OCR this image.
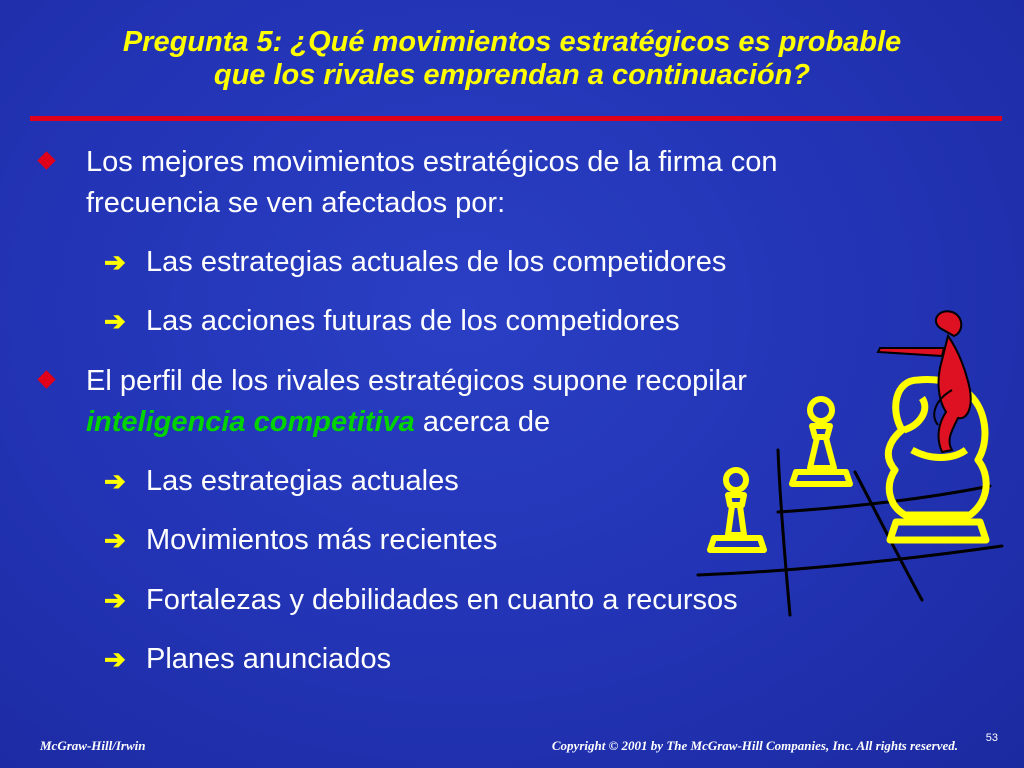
Pregunta 5: ¿Qué movimientos estratégicos es probable
que los rivales emprendan a continuación?
Los mejores movimientos estratégicos de la firma con
frecuencia se ven afectados por:
➔ Las estrategias actuales de los competidores
➔ Las acciones futuras de los competidores
El perfil de los rivales estratégicos supone recopilar
inteligencia competitiva acerca de
➔ Las estrategias actuales
➔ Movimientos más recientes
➔ Fortalezas y debilidades en cuanto a recursos
➔ Planes anunciados
McGraw-Hill/Irwin	Copyright © 2001 by The McGraw-Hill Companies, Inc. All rights reserved.	53
